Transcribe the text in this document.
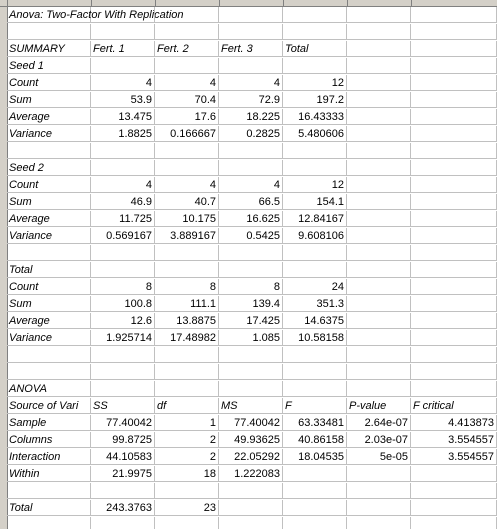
Anova: Two-Factor With Replication
SUMMARY	Fert. 1	Fert. 2	Fert. 3	Total
Seed 1
Count	4	4	4	12
Sum	53.9	70.4	72.9	197.2
Average	13.475	17.6	18.225	16.43333
Variance	1.8825	0.166667	0.2825	5.480606
Seed 2
Count	4	4	4	12
Sum	46.9	40.7	66.5	154.1
Average	11.725	10.175	16.625	12.84167
Variance	0.569167	3.889167	0.5425	9.608106
Total
Count	8	8	8	24
Sum	100.8	111.1	139.4	351.3
Average	12.6	13.8875	17.425	14.6375
Variance	1.925714	17.48982	1.085	10.58158
ANOVA
Source of Vari	SS	df	MS	F	P-value	F critical
Sample	77.40042	1	77.40042	63.33481	2.64e-07	4.413873
Columns	99.8725	2	49.93625	40.86158	2.03e-07	3.554557
Interaction	44.10583	2	22.05292	18.04535	5e-05	3.554557
Within	21.9975	18	1.222083
Total	243.3763	23
